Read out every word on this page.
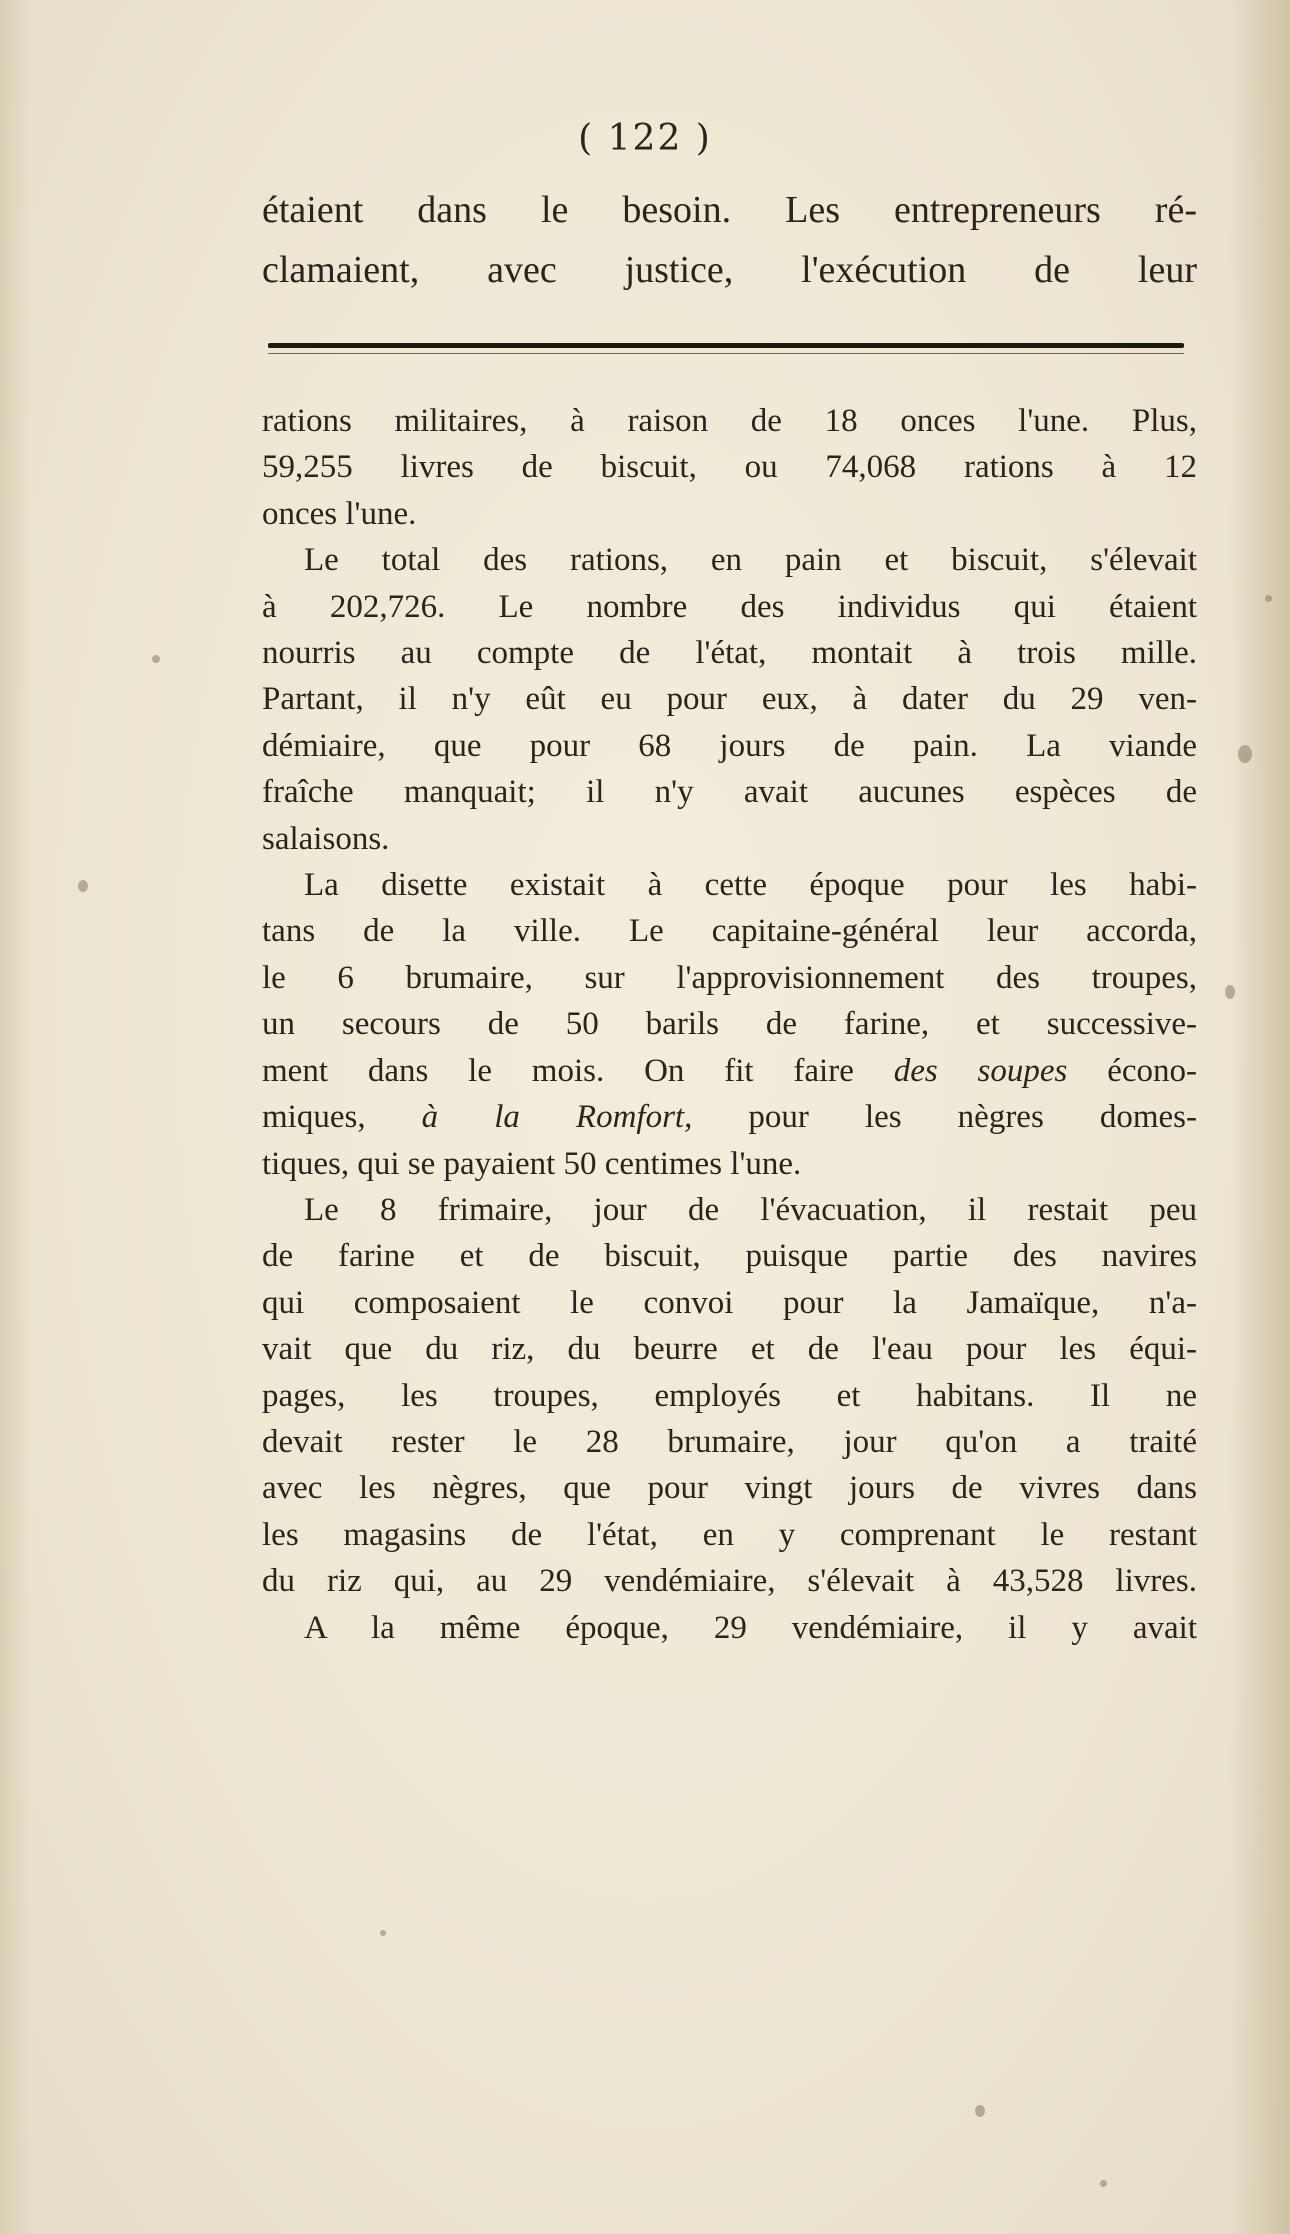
( 122 )
étaient dans le besoin. Les entrepreneurs ré-
clamaient, avec justice, l'exécution de leur
rations militaires, à raison de 18 onces l'une. Plus,
59,255 livres de biscuit, ou 74,068 rations à 12
onces l'une.
Le total des rations, en pain et biscuit, s'élevait
à 202,726. Le nombre des individus qui étaient
nourris au compte de l'état, montait à trois mille.
Partant, il n'y eût eu pour eux, à dater du 29 ven-
démiaire, que pour 68 jours de pain. La viande
fraîche manquait; il n'y avait aucunes espèces de
salaisons.
La disette existait à cette époque pour les habi-
tans de la ville. Le capitaine-général leur accorda,
le 6 brumaire, sur l'approvisionnement des troupes,
un secours de 50 barils de farine, et successive-
ment dans le mois. On fit faire des soupes écono-
miques, à la Romfort, pour les nègres domes-
tiques, qui se payaient 50 centimes l'une.
Le 8 frimaire, jour de l'évacuation, il restait peu
de farine et de biscuit, puisque partie des navires
qui composaient le convoi pour la Jamaïque, n'a-
vait que du riz, du beurre et de l'eau pour les équi-
pages, les troupes, employés et habitans. Il ne
devait rester le 28 brumaire, jour qu'on a traité
avec les nègres, que pour vingt jours de vivres dans
les magasins de l'état, en y comprenant le restant
du riz qui, au 29 vendémiaire, s'élevait à 43,528 livres.
A la même époque, 29 vendémiaire, il y avait
